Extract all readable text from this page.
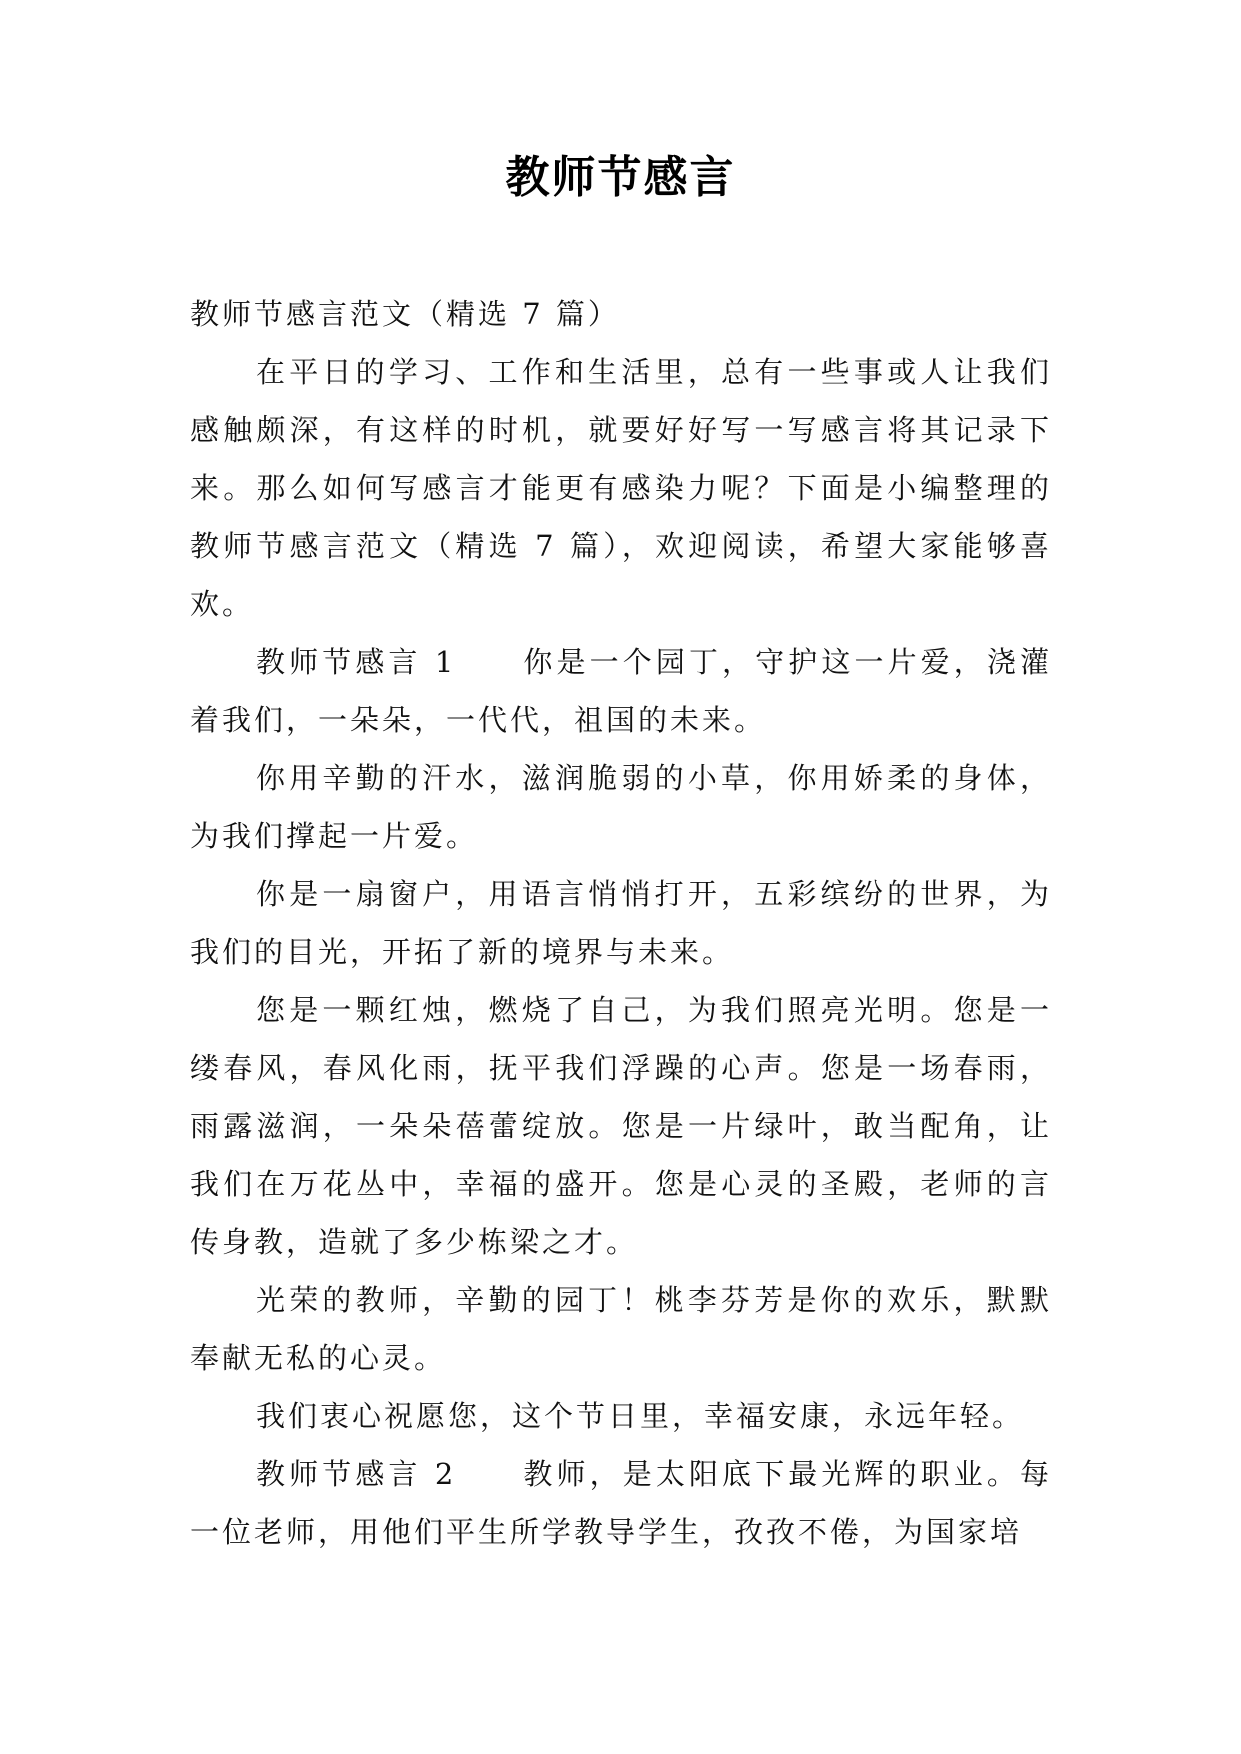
教师节感言

教师节感言范文（精选 7 篇）

在平日的学习、工作和生活里，总有一些事或人让我们感触颇深，有这样的时机，就要好好写一写感言将其记录下来。那么如何写感言才能更有感染力呢？下面是小编整理的教师节感言范文（精选 7 篇），欢迎阅读，希望大家能够喜欢。

教师节感言 1 你是一个园丁，守护这一片爱，浇灌着我们，一朵朵，一代代，祖国的未来。

你用辛勤的汗水，滋润脆弱的小草，你用娇柔的身体，为我们撑起一片爱。

你是一扇窗户，用语言悄悄打开，五彩缤纷的世界，为我们的目光，开拓了新的境界与未来。

您是一颗红烛，燃烧了自己，为我们照亮光明。您是一缕春风，春风化雨，抚平我们浮躁的心声。您是一场春雨，雨露滋润，一朵朵蓓蕾绽放。您是一片绿叶，敢当配角，让我们在万花丛中，幸福的盛开。您是心灵的圣殿，老师的言传身教，造就了多少栋梁之才。

光荣的教师，辛勤的园丁！桃李芬芳是你的欢乐，默默奉献无私的心灵。

我们衷心祝愿您，这个节日里，幸福安康，永远年轻。

教师节感言 2 教师，是太阳底下最光辉的职业。每一位老师，用他们平生所学教导学生，孜孜不倦，为国家培
